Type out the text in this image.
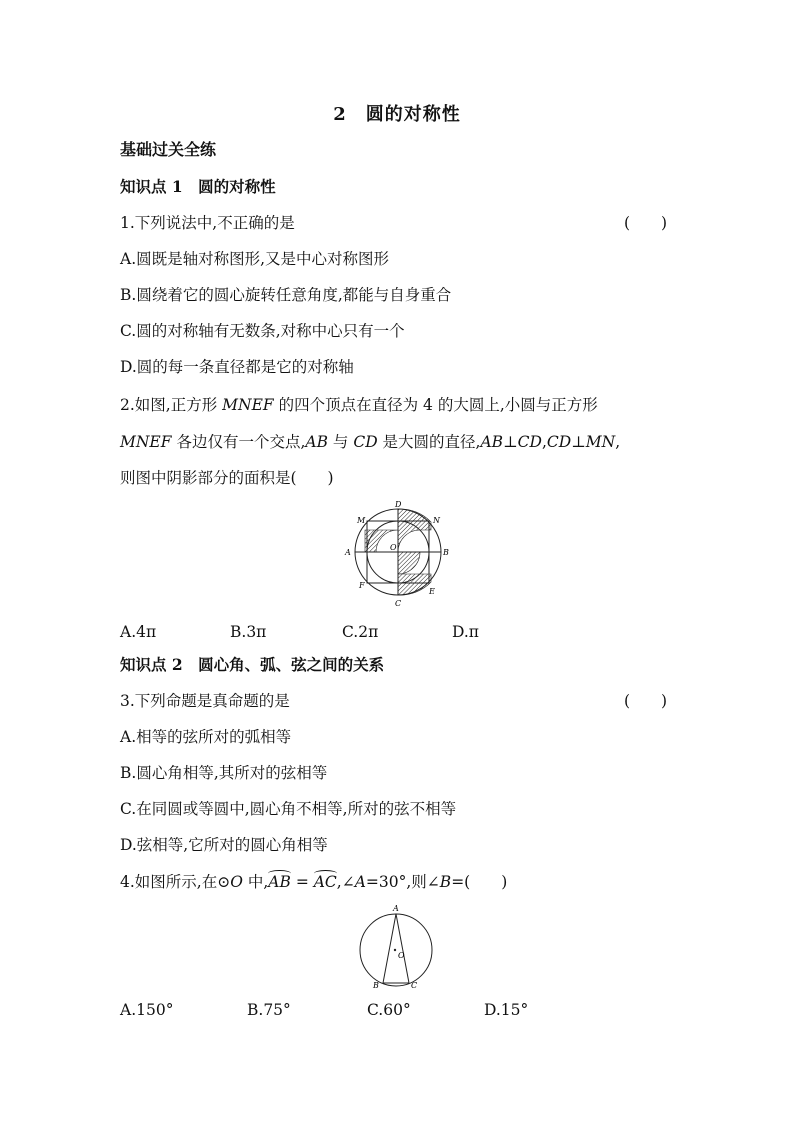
2　圆的对称性
基础过关全练
知识点 1　圆的对称性
1.下列说法中,不正确的是	(　　)
A.圆既是轴对称图形,又是中心对称图形
B.圆绕着它的圆心旋转任意角度,都能与自身重合
C.圆的对称轴有无数条,对称中心只有一个
D.圆的每一条直径都是它的对称轴
2.如图,正方形 MNEF 的四个顶点在直径为 4 的大圆上,小圆与正方形
MNEF 各边仅有一个交点,AB 与 CD 是大圆的直径,AB⊥CD,CD⊥MN,
则图中阴影部分的面积是(　　)
D
M	N
A
O
B
F
C
E
A.4π	B.3π	C.2π	D.π
知识点 2　圆心角、弧、弦之间的关系
3.下列命题是真命题的是	(　　)
A.相等的弦所对的弧相等
B.圆心角相等,其所对的弦相等
C.在同圆或等圆中,圆心角不相等,所对的弦不相等
D.弦相等,它所对的圆心角相等
4.如图所示,在⊙O 中,AB = AC,∠A=30°,则∠B=(　　)
A
O
B	C
A.150°	B.75°	C.60°	D.15°
